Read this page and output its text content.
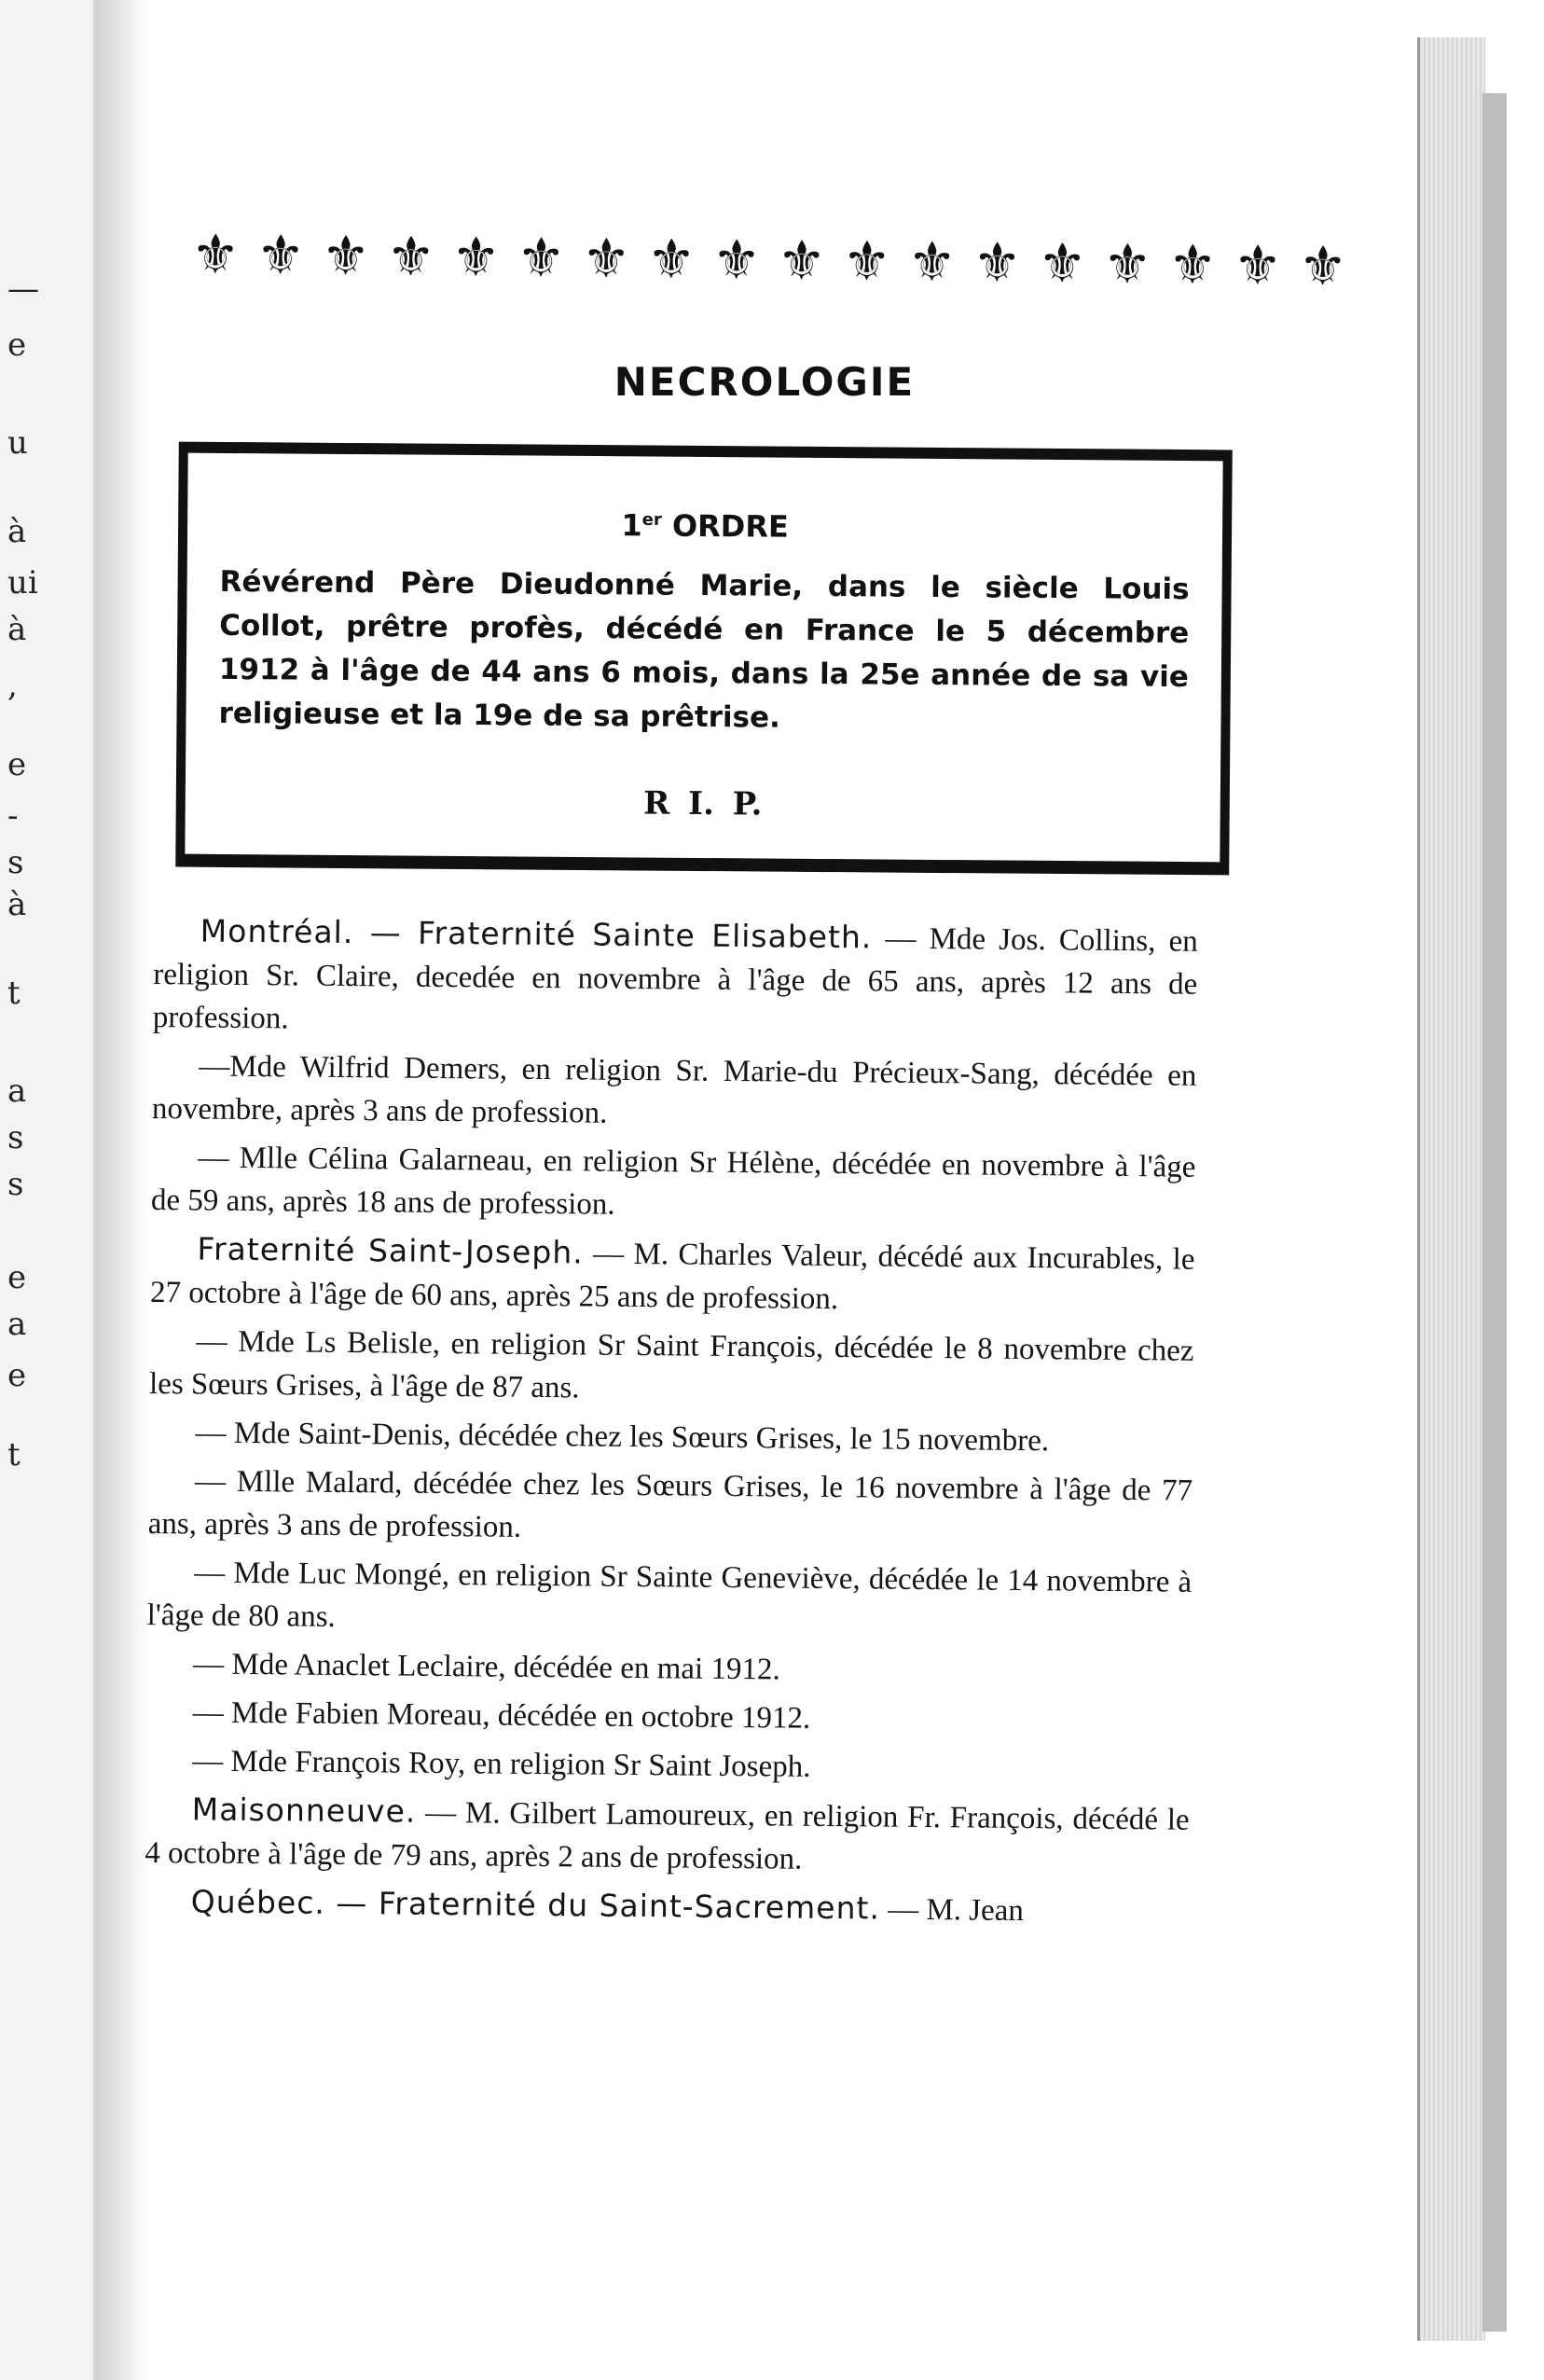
—
e
u
à
ui
à
,
e
-
s
à
t
a
s
s
e
a
e
t
⚜ ⚜ ⚜ ⚜ ⚜ ⚜ ⚜ ⚜ ⚜ ⚜ ⚜ ⚜ ⚜ ⚜ ⚜ ⚜ ⚜ ⚜
NECROLOGIE
1er ORDRE
Révérend Père Dieudonné Marie, dans le siècle Louis Collot, prêtre profès, décédé en France le 5 décembre 1912 à l'âge de 44 ans 6 mois, dans la 25e année de sa vie religieuse et la 19e de sa prêtrise.
R I. P.
Montréal. — Fraternité Sainte Elisabeth. — Mde Jos. Collins, en religion Sr. Claire, decedée en novembre à l'âge de 65 ans, après 12 ans de profession.
—Mde Wilfrid Demers, en religion Sr. Marie-du Précieux-Sang, décédée en novembre, après 3 ans de profession.
— Mlle Célina Galarneau, en religion Sr Hélène, décédée en novembre à l'âge de 59 ans, après 18 ans de profession.
Fraternité Saint-Joseph. — M. Charles Valeur, décédé aux Incurables, le 27 octobre à l'âge de 60 ans, après 25 ans de profession.
— Mde Ls Belisle, en religion Sr Saint François, décédée le 8 novembre chez les Sœurs Grises, à l'âge de 87 ans.
— Mde Saint-Denis, décédée chez les Sœurs Grises, le 15 novembre.
— Mlle Malard, décédée chez les Sœurs Grises, le 16 novembre à l'âge de 77 ans, après 3 ans de profession.
— Mde Luc Mongé, en religion Sr Sainte Geneviève, décédée le 14 novembre à l'âge de 80 ans.
— Mde Anaclet Leclaire, décédée en mai 1912.
— Mde Fabien Moreau, décédée en octobre 1912.
— Mde François Roy, en religion Sr Saint Joseph.
Maisonneuve. — M. Gilbert Lamoureux, en religion Fr. François, décédé le 4 octobre à l'âge de 79 ans, après 2 ans de profession.
Québec. — Fraternité du Saint-Sacrement. — M. Jean
